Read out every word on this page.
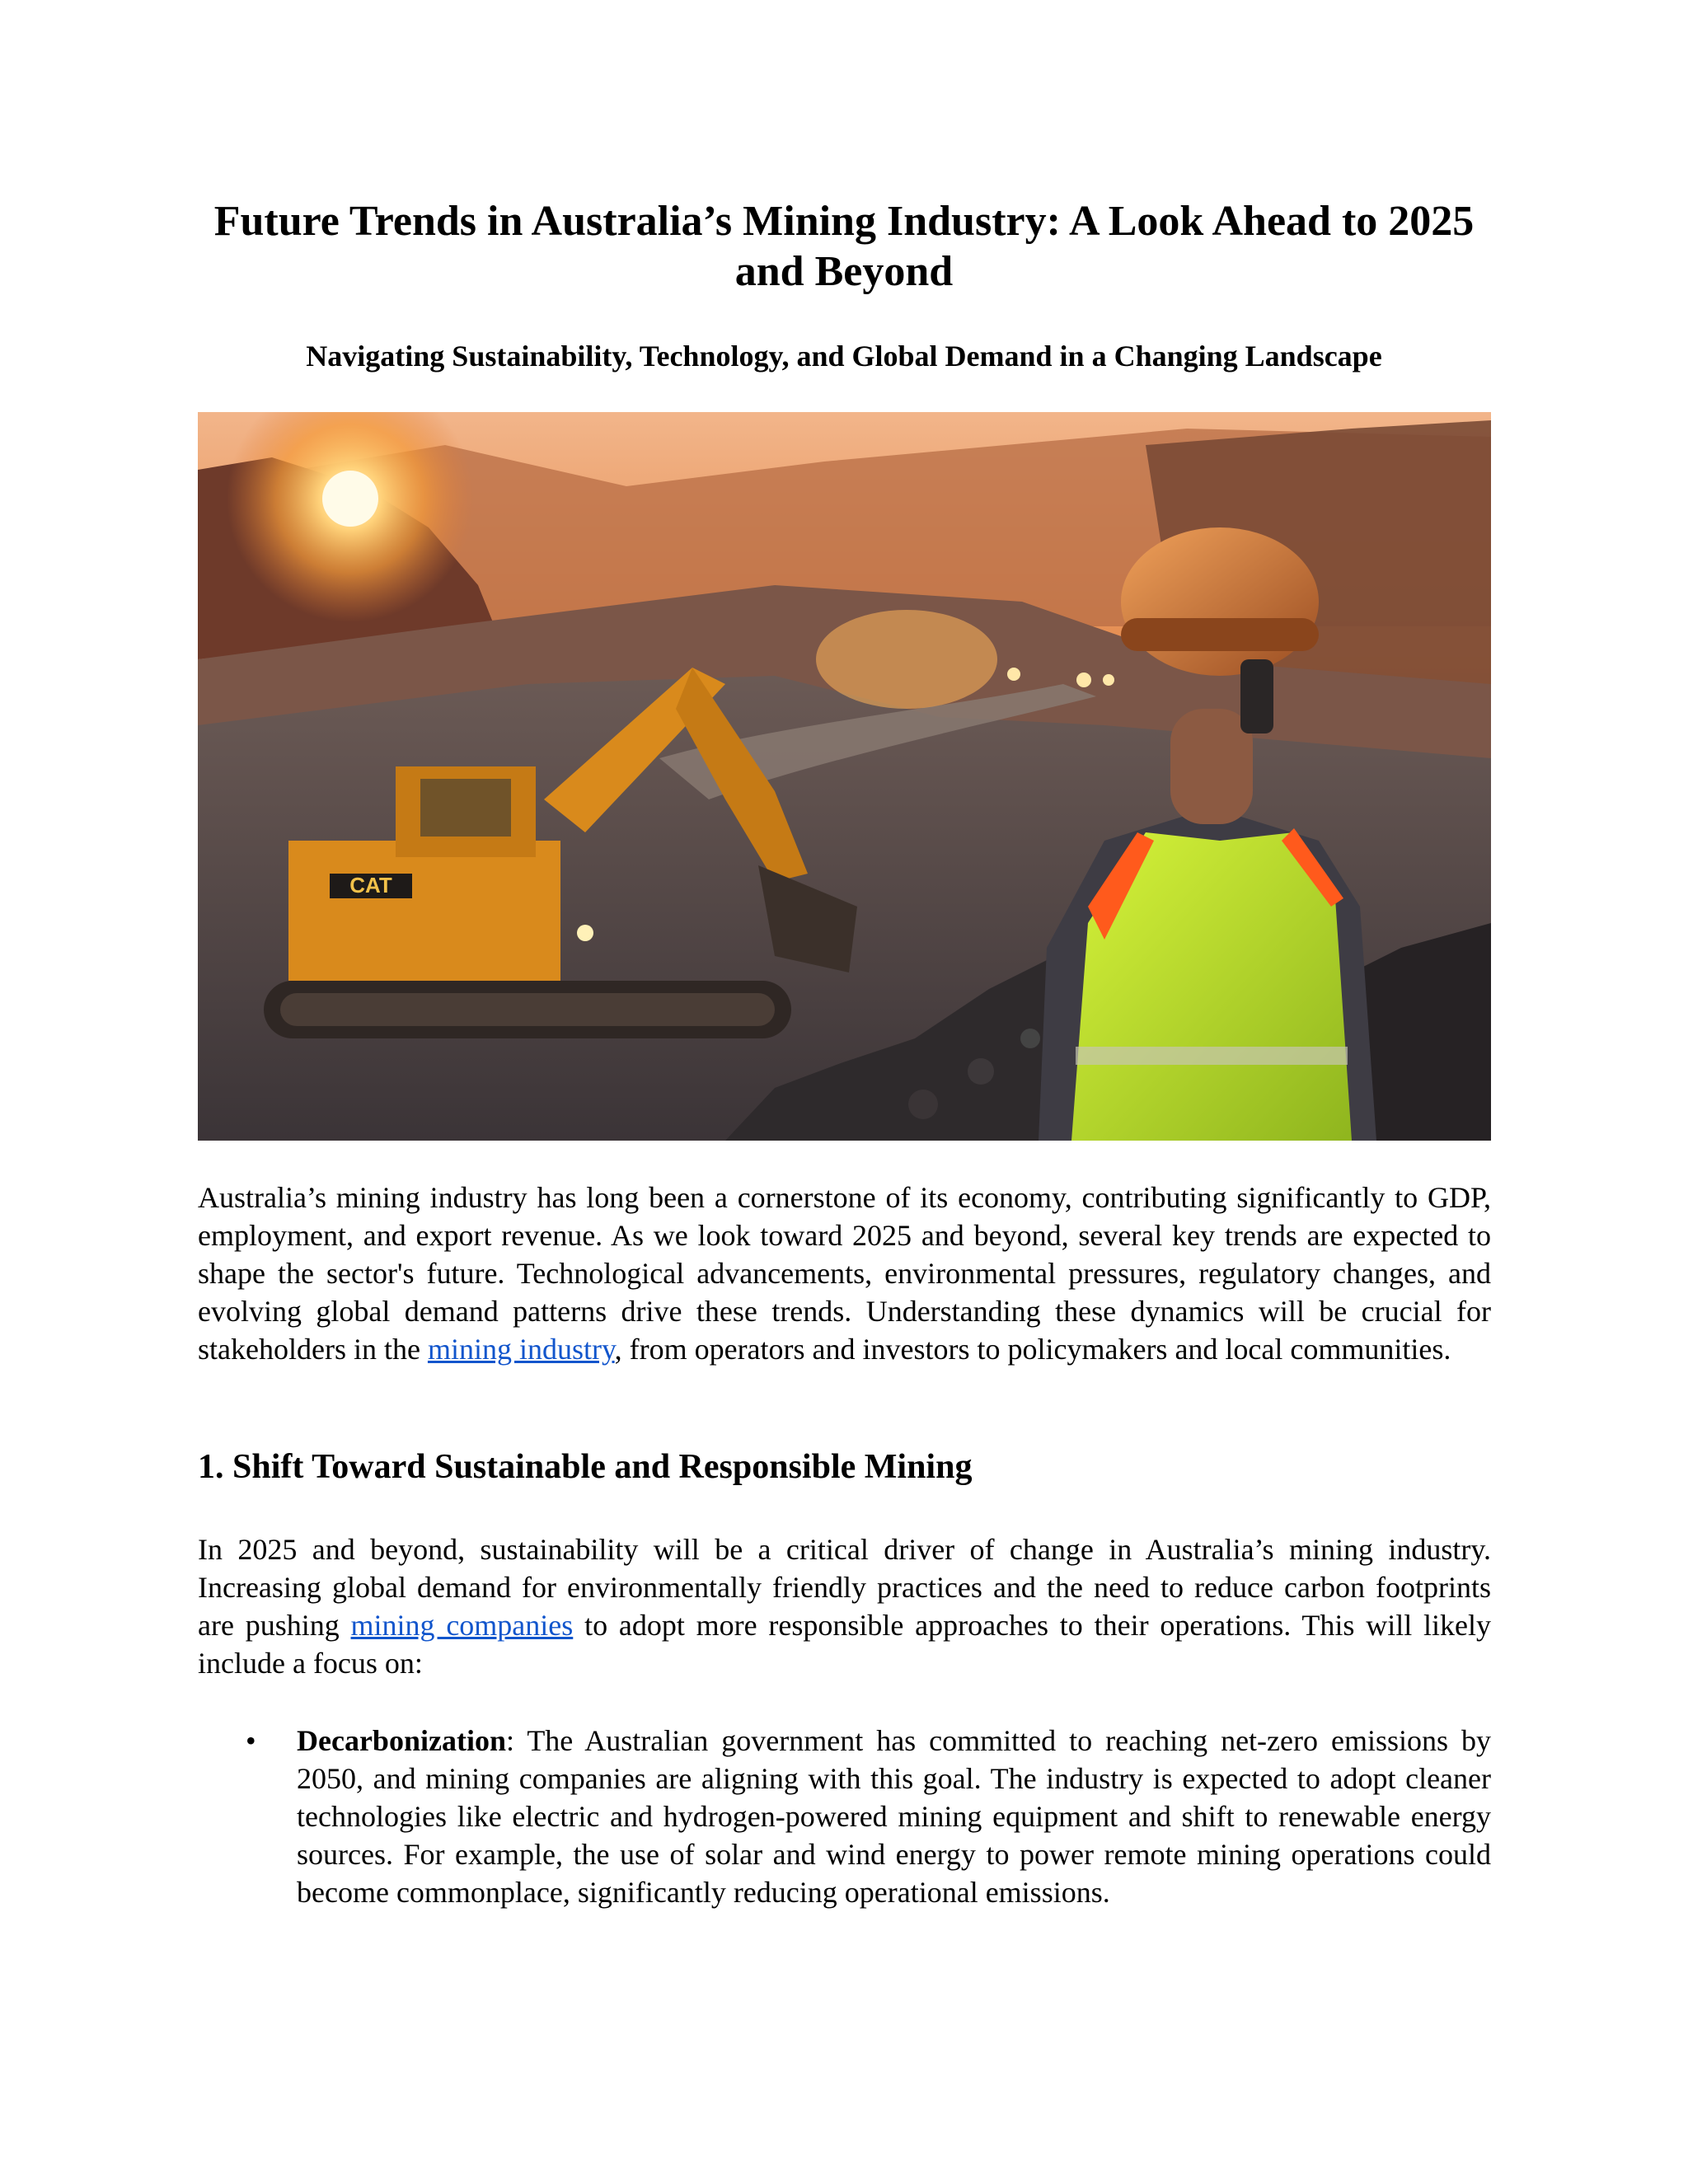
Future Trends in Australia’s Mining Industry: A Look Ahead to 2025 and Beyond
Navigating Sustainability, Technology, and Global Demand in a Changing Landscape
CAT

Australia’s mining industry has long been a cornerstone of its economy, contributing significantly to GDP, employment, and export revenue. As we look toward 2025 and beyond, several key trends are expected to shape the sector's future. Technological advancements, environmental pressures, regulatory changes, and evolving global demand patterns drive these trends. Understanding these dynamics will be crucial for stakeholders in the mining industry, from operators and investors to policymakers and local communities.

1. Shift Toward Sustainable and Responsible Mining

In 2025 and beyond, sustainability will be a critical driver of change in Australia’s mining industry. Increasing global demand for environmentally friendly practices and the need to reduce carbon footprints are pushing mining companies to adopt more responsible approaches to their operations. This will likely include a focus on:

• Decarbonization: The Australian government has committed to reaching net-zero emissions by 2050, and mining companies are aligning with this goal. The industry is expected to adopt cleaner technologies like electric and hydrogen-powered mining equipment and shift to renewable energy sources. For example, the use of solar and wind energy to power remote mining operations could become commonplace, significantly reducing operational emissions.
